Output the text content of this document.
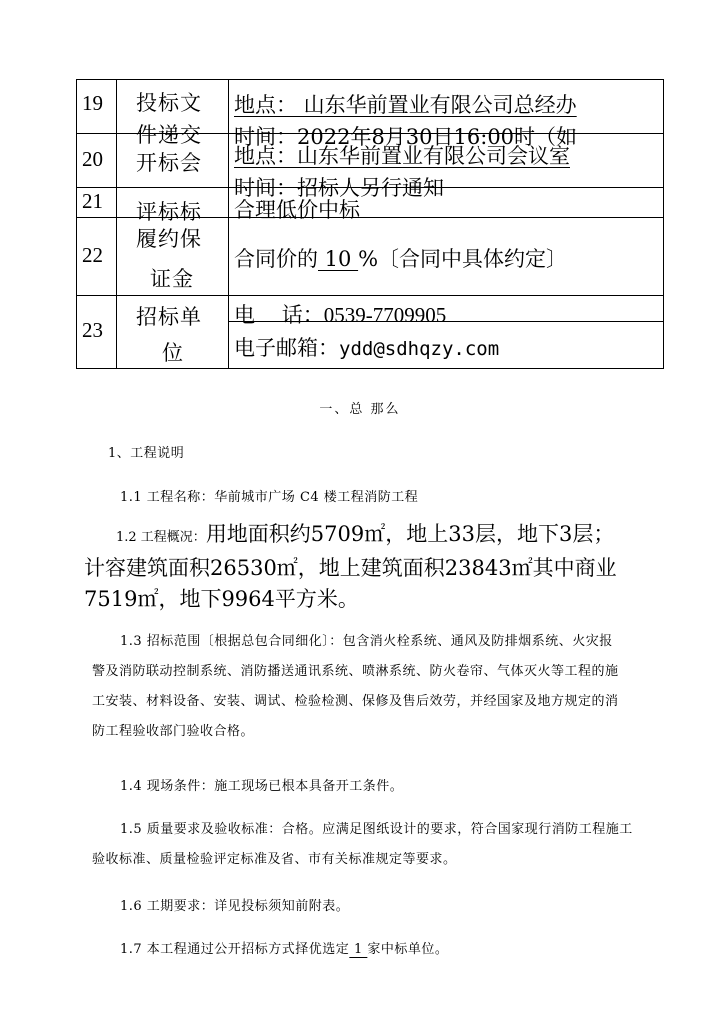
19 投标文
件递交
地点： 山东华前置业有限公司总经办
时间：2022年8月30日16:00时（如
20 开标会 地点：山东华前置业有限公司会议室
时间：招标人另行通知
21 评标标 合理低价中标
22
履约保
证金
合同价的 10 %〔合同中具体约定〕
23
招标单
位
电    话：0539-7709905
电子邮箱：ydd@sdhqzy.com
一、总 那么
1、工程说明
1.1 工程名称：华前城市广场 C4 楼工程消防工程
1.2 工程概况：用地面积约5709㎡，地上33层，地下3层；
计容建筑面积26530㎡，地上建筑面积23843㎡其中商业
7519㎡，地下9964平方米。
1.3 招标范围〔根据总包合同细化〕：包含消火栓系统、通风及防排烟系统、火灾报
警及消防联动控制系统、消防播送通讯系统、喷淋系统、防火卷帘、气体灭火等工程的施
工安装、材料设备、安装、调试、检验检测、保修及售后效劳，并经国家及地方规定的消
防工程验收部门验收合格。
1.4 现场条件：施工现场已根本具备开工条件。
1.5 质量要求及验收标准：合格。应满足图纸设计的要求，符合国家现行消防工程施工
验收标准、质量检验评定标准及省、市有关标准规定等要求。
1.6 工期要求：详见投标须知前附表。
1.7 本工程通过公开招标方式择优选定 1 家中标单位。
